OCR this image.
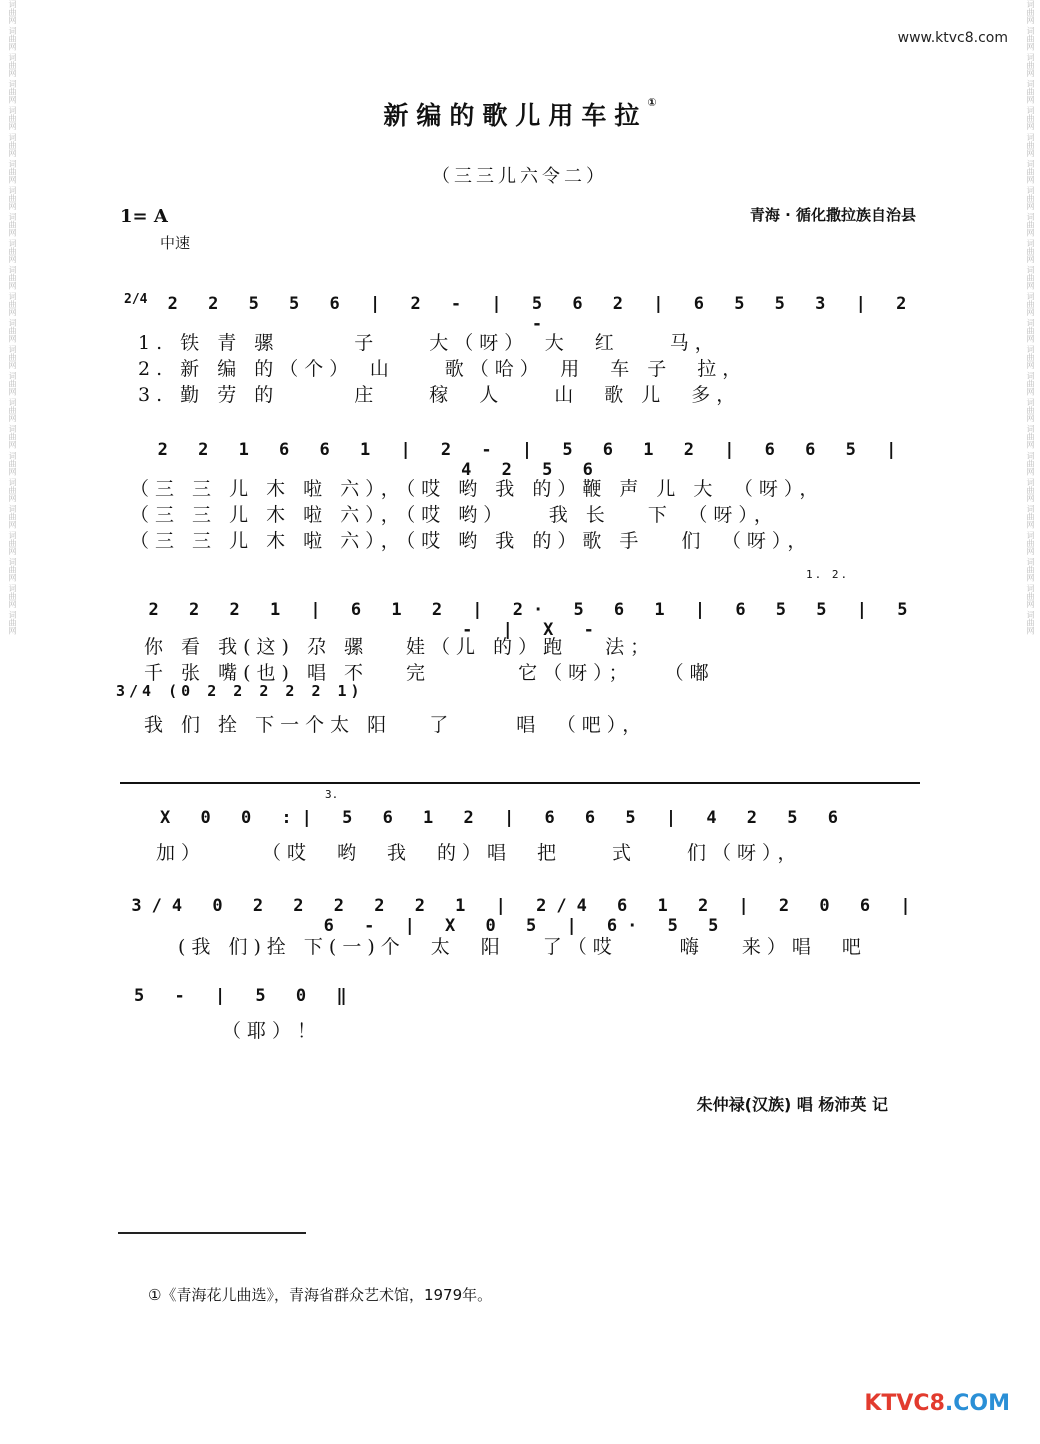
词曲网 词曲网 词曲网 词曲网 词曲网 词曲网 词曲网 词曲网 词曲网 词曲网 词曲网 词曲网 词曲网 词曲网 词曲网 词曲网 词曲网 词曲网 词曲网 词曲网 词曲网 词曲网 词曲网 词曲网	词曲网 词曲网 词曲网 词曲网 词曲网 词曲网 词曲网 词曲网 词曲网 词曲网 词曲网 词曲网 词曲网 词曲网 词曲网 词曲网 词曲网 词曲网 词曲网 词曲网 词曲网 词曲网 词曲网 词曲网
www.ktvc8.com
新编的歌儿用车拉①
（三三儿六令二）
1= A
中速
青海 · 循化撒拉族自治县
2/4 2 2 5 5 6 | 2 - | 5 6 2 | 6 5 5 3 | 2 -
1. 铁 青 骡　　　子　　大（呀）　大　红　　马，
2. 新 编 的（个）　山　　歌（哈）　用　车 子　拉，
3. 勤 劳 的　　　庄　　稼　人　　山　歌 儿　多，
2 2 1 6 6 1 | 2 - | 5 6 1 2 | 6 6 5 | 4 2 5 6
（三 三 儿 木 啦 六），（哎 哟 我 的）鞭 声 儿 大　（呀），
（三 三 儿 木 啦 六），（哎 哟）　　我 长　 下　（呀），
（三 三 儿 木 啦 六），（哎 哟 我 的）歌 手　 们　（呀），
1. 2.
2 2 2 1 | 6 1 2 | 2· 5 6 1 | 6 5 5 | 5 - | X -
你 看 我(这) 尕 骡　 娃（儿 的）跑　 法；
千 张 嘴(也) 唱 不　 完　　　 它（呀）；　　（嘟
3/4 (0 2 2 2 2 2 1)
我 们 拴 下一个太 阳　 了　　 唱　（吧），
3.
X 0 0 :| 5 6 1 2 | 6 6 5 | 4 2 5 6
加）　　　（哎　哟　我　的）唱　把　　式　　们（呀），
3/4 0 2 2 2 2 2 1 | 2/4 6 1 2 | 2 0 6 | 6 - | X 0 5 | 6· 5 5
(我 们)拴 下(一)个　太　阳　 了（哎　　 嗨　 来）唱　吧
5 - | 5 0 ‖
（耶）！
朱仲禄(汉族) 唱 杨沛英 记
①《青海花儿曲选》，青海省群众艺术馆，1979年。
KTVC8.COM
